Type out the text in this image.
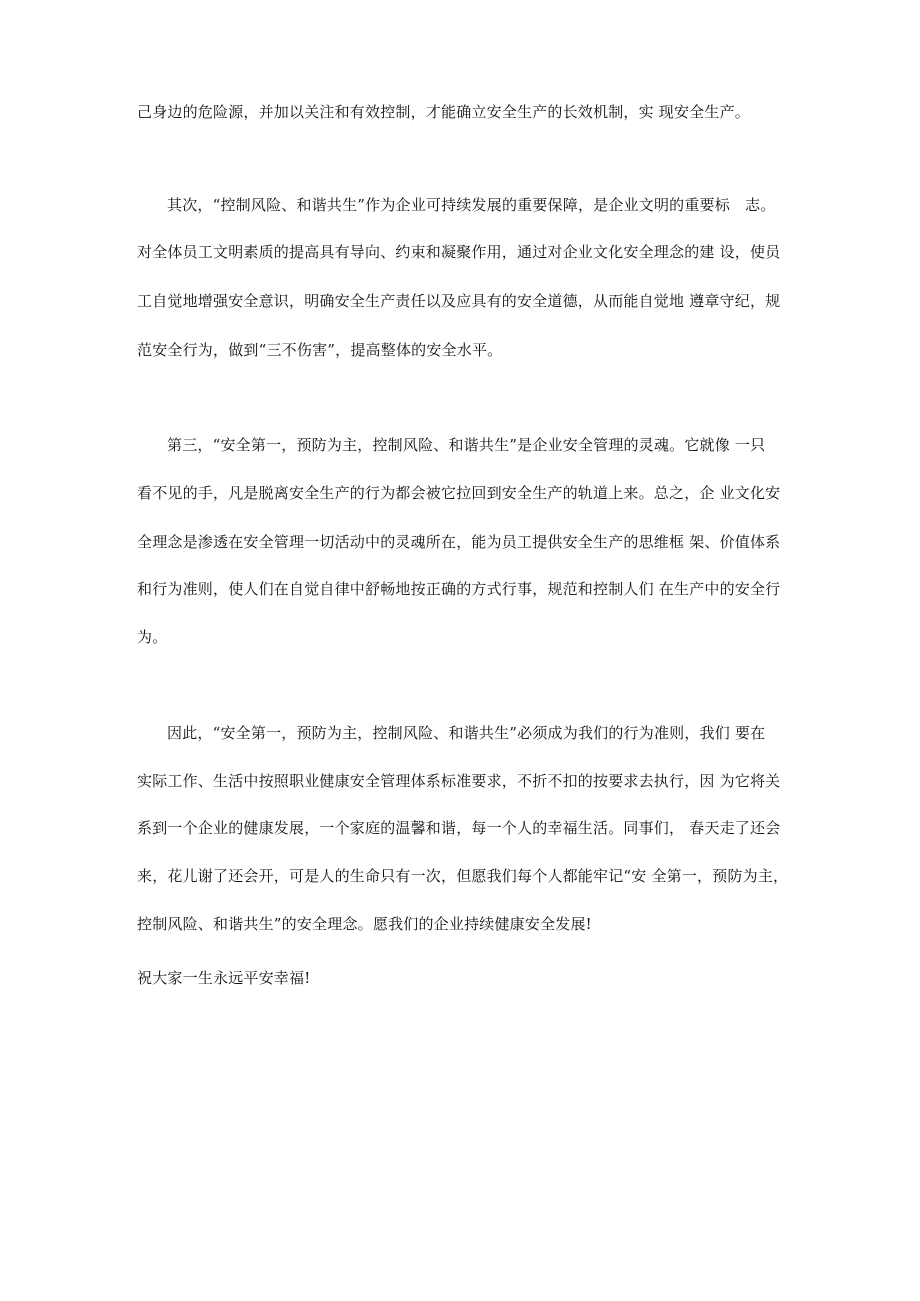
己身边的危险源，并加以关注和有效控制，才能确立安全生产的长效机制，实 现安全生产。
其次，“控制风险、和谐共生”作为企业可持续发展的重要保障，是企业文明的重要标　志。
对全体员工文明素质的提高具有导向、约束和凝聚作用，通过对企业文化安全理念的建 设，使员
工自觉地增强安全意识，明确安全生产责任以及应具有的安全道德，从而能自觉地 遵章守纪，规
范安全行为，做到“三不伤害”，提高整体的安全水平。
第三，“安全第一，预防为主，控制风险、和谐共生”是企业安全管理的灵魂。它就像 一只
看不见的手，凡是脱离安全生产的行为都会被它拉回到安全生产的轨道上来。总之，企 业文化安
全理念是渗透在安全管理一切活动中的灵魂所在，能为员工提供安全生产的思维框 架、价值体系
和行为准则，使人们在自觉自律中舒畅地按正确的方式行事，规范和控制人们 在生产中的安全行
为。
因此，“安全第一，预防为主，控制风险、和谐共生”必须成为我们的行为准则，我们 要在
实际工作、生活中按照职业健康安全管理体系标准要求，不折不扣的按要求去执行，因 为它将关
系到一个企业的健康发展，一个家庭的温馨和谐，每一个人的幸福生活。同事们， 春天走了还会
来，花儿谢了还会开，可是人的生命只有一次，但愿我们每个人都能牢记“安 全第一，预防为主，
控制风险、和谐共生”的安全理念。愿我们的企业持续健康安全发展!
祝大家一生永远平安幸福!
